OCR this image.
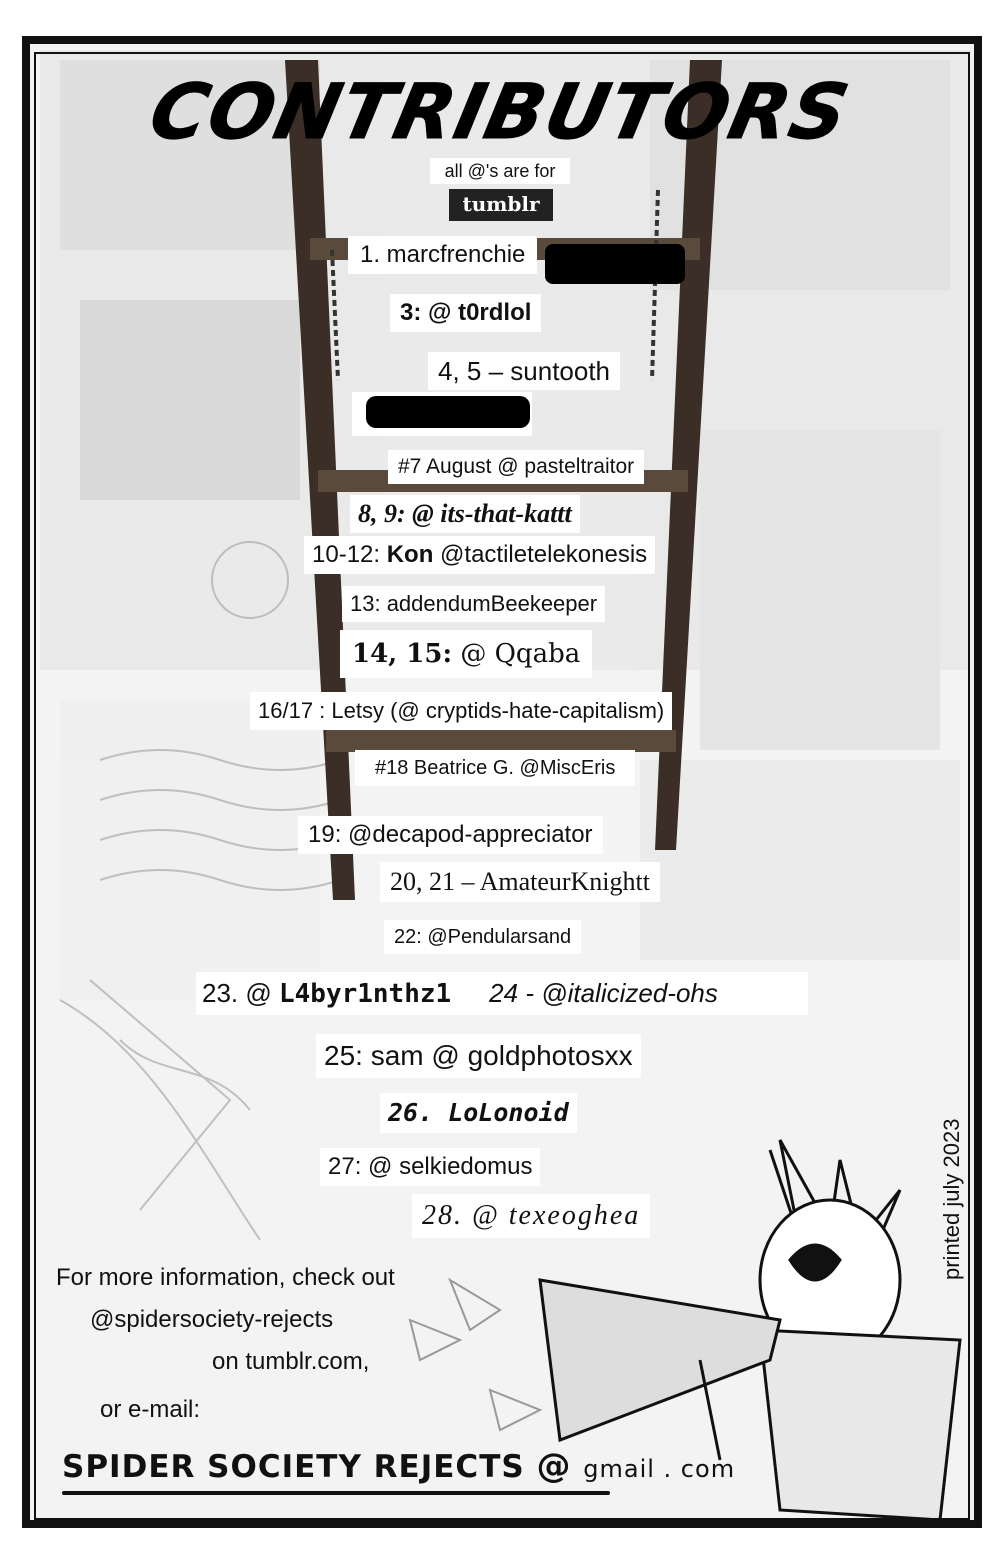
CONTRIBUTORS
all @'s are for
tumblr
1. marcfrenchie
3: @ t0rdlol
4, 5 – suntooth
#7 August @ pasteltraitor
8, 9: @ its-that-kattt
10-12: Kon @tactiletelekonesis
13: addendumBeekeeper
14, 15: @ Qqaba
16/17 : Letsy (@ cryptids-hate-capitalism)
#18 Beatrice G. @MiscEris
19: @decapod-appreciator
20, 21 – AmateurKnightt
22: @Pendularsand
23. @ L4byr1nthz1 24 - @italicized-ohs
25: sam @ goldphotosxx
26. LoLonoid
27: @ selkiedomus
28. @ texeoghea
For more information, check out
@spidersociety-rejects
on tumblr.com,
or e-mail:
SPIDER SOCIETY REJECTS @ gmail . com
printed july 2023
